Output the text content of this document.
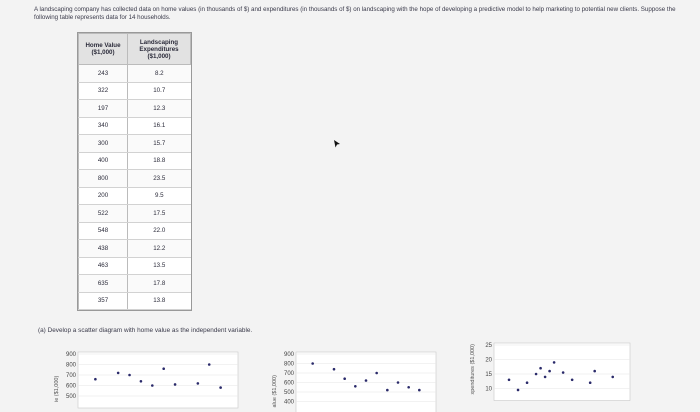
A landscaping company has collected data on home values (in thousands of $) and expenditures (in thousands of $) on landscaping with the hope of developing a predictive model to help marketing to potential new clients. Suppose the following table represents data for 14 households.
Home Value ($1,000)	Landscaping Expenditures ($1,000)
243	8.2
322	10.7
197	12.3
340	16.1
300	15.7
400	18.8
800	23.5
200	9.5
522	17.5
548	22.0
438	12.2
463	13.5
635	17.8
357	13.8
(a) Develop a scatter diagram with home value as the independent variable.
900
800
700
600
500
ie ($1,000)
900
800
700
600
500
400
alue ($1,000)
25
20
15
10
xpenditures ($1,000)
